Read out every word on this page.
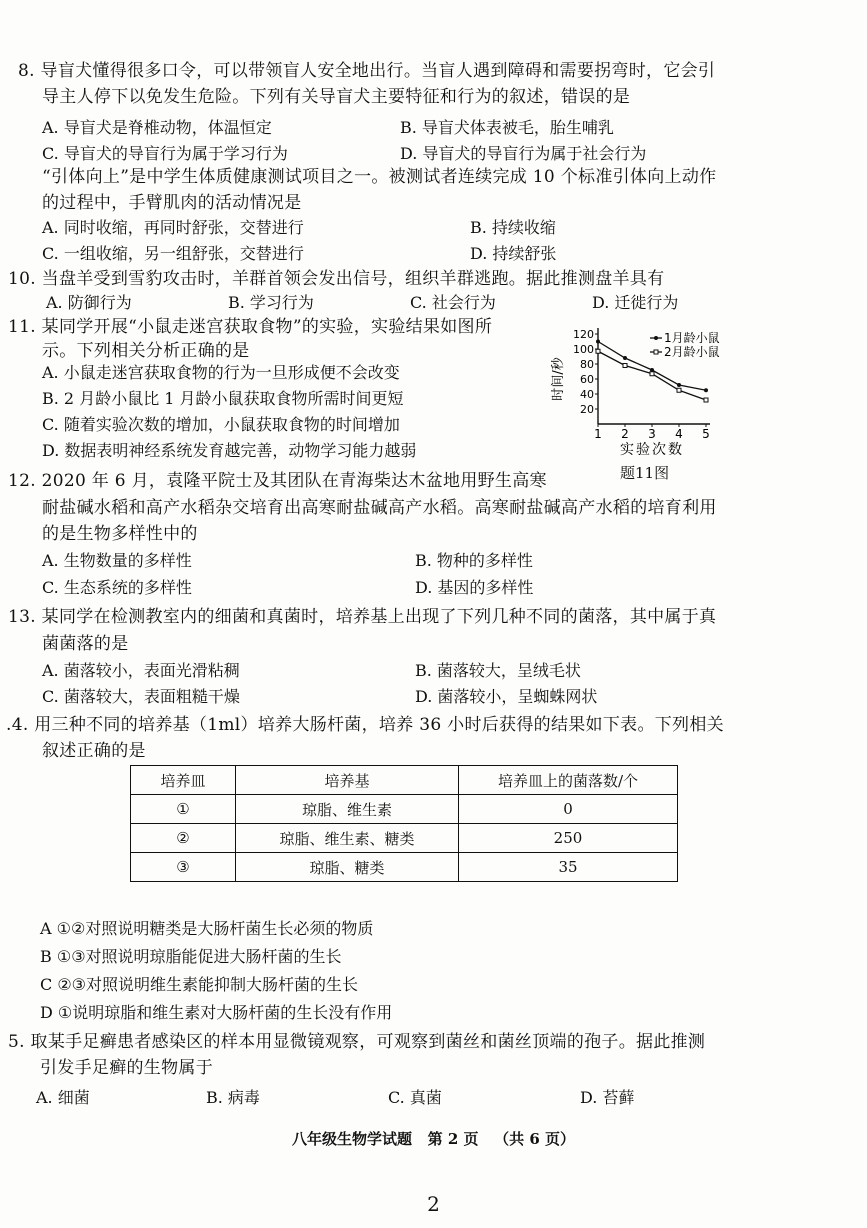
8. 导盲犬懂得很多口令，可以带领盲人安全地出行。当盲人遇到障碍和需要拐弯时，它会引
导主人停下以免发生危险。下列有关导盲犬主要特征和行为的叙述，错误的是
A. 导盲犬是脊椎动物，体温恒定	B. 导盲犬体表被毛，胎生哺乳
C. 导盲犬的导盲行为属于学习行为	D. 导盲犬的导盲行为属于社会行为
“引体向上”是中学生体质健康测试项目之一。被测试者连续完成 10 个标准引体向上动作
的过程中，手臂肌肉的活动情况是
A. 同时收缩，再同时舒张，交替进行	B. 持续收缩
C. 一组收缩，另一组舒张，交替进行	D. 持续舒张
10. 当盘羊受到雪豹攻击时，羊群首领会发出信号，组织羊群逃跑。据此推测盘羊具有
A. 防御行为	B. 学习行为	C. 社会行为	D. 迁徙行为
11. 某同学开展“小鼠走迷宫获取食物”的实验，实验结果如图所
示。下列相关分析正确的是
A. 小鼠走迷宫获取食物的行为一旦形成便不会改变
B. 2 月龄小鼠比 1 月龄小鼠获取食物所需时间更短
C. 随着实验次数的增加，小鼠获取食物的时间增加
D. 数据表明神经系统发育越完善，动物学习能力越弱
20
40
60
80
100
120
1 2 3 4 5
实验次数
时间/秒
1月龄小鼠
2月龄小鼠
题11图
12. 2020 年 6 月，袁隆平院士及其团队在青海柴达木盆地用野生高寒
耐盐碱水稻和高产水稻杂交培育出高寒耐盐碱高产水稻。高寒耐盐碱高产水稻的培育利用
的是生物多样性中的
A. 生物数量的多样性	B. 物种的多样性
C. 生态系统的多样性	D. 基因的多样性
13. 某同学在检测教室内的细菌和真菌时，培养基上出现了下列几种不同的菌落，其中属于真
菌菌落的是
A. 菌落较小，表面光滑粘稠	B. 菌落较大，呈绒毛状
C. 菌落较大，表面粗糙干燥	D. 菌落较小，呈蜘蛛网状
.4. 用三种不同的培养基（1ml）培养大肠杆菌，培养 36 小时后获得的结果如下表。下列相关
叙述正确的是
培养皿	培养基	培养皿上的菌落数/个
①	琼脂、维生素	0
②	琼脂、维生素、糖类	250
③	琼脂、糖类	35
A ①②对照说明糖类是大肠杆菌生长必须的物质
B ①③对照说明琼脂能促进大肠杆菌的生长
C ②③对照说明维生素能抑制大肠杆菌的生长
D ①说明琼脂和维生素对大肠杆菌的生长没有作用
5. 取某手足癣患者感染区的样本用显微镜观察，可观察到菌丝和菌丝顶端的孢子。据此推测
引发手足癣的生物属于
A. 细菌	B. 病毒	C. 真菌	D. 苔藓
八年级生物学试题   第 2 页   （共 6 页）
2
